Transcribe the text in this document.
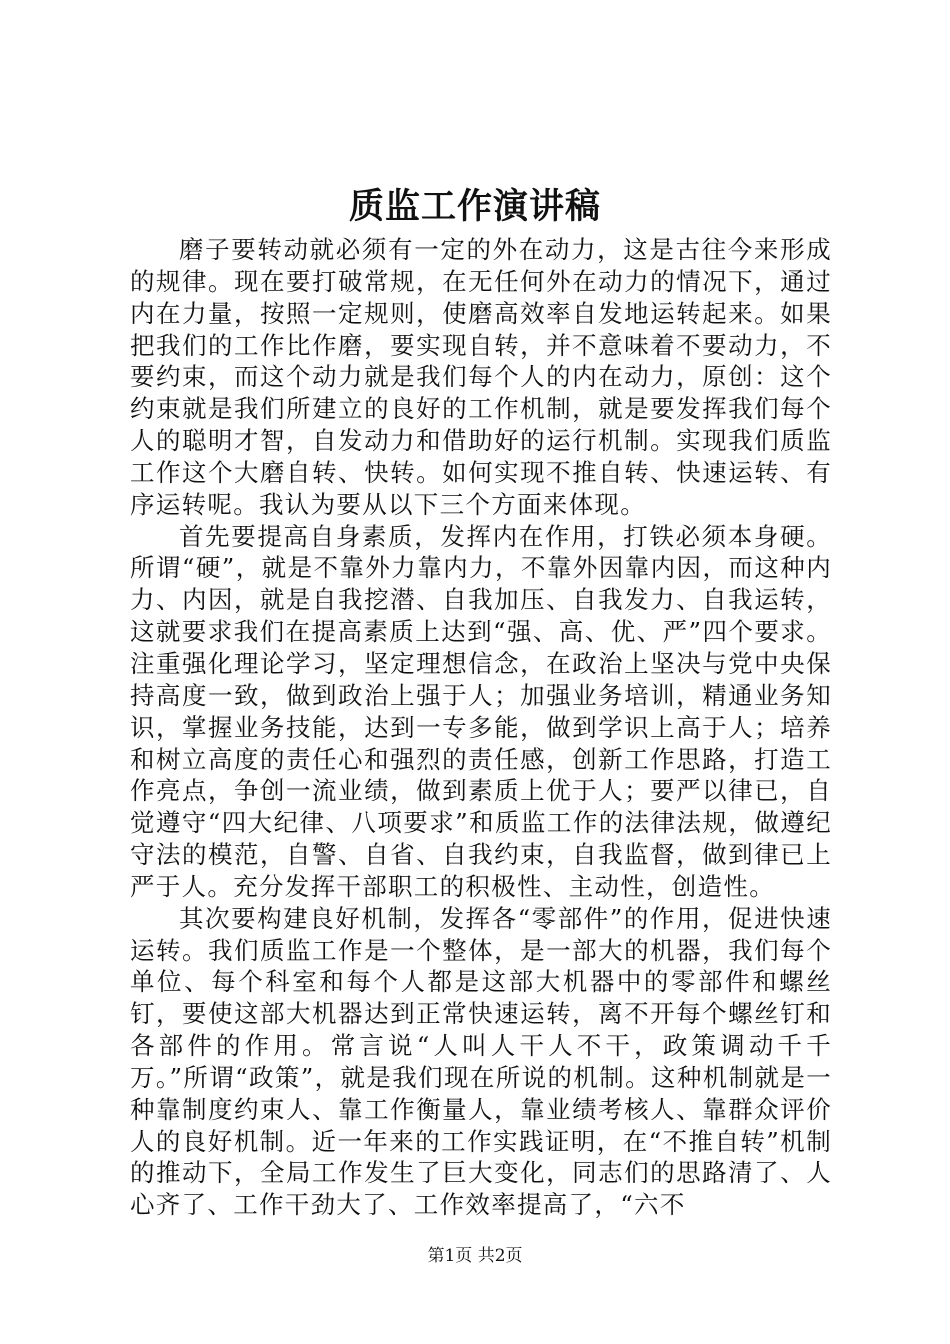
质监工作演讲稿

磨子要转动就必须有一定的外在动力，这是古往今来形成的规律。现在要打破常规，在无任何外在动力的情况下，通过内在力量，按照一定规则，使磨高效率自发地运转起来。如果把我们的工作比作磨，要实现自转，并不意味着不要动力，不要约束，而这个动力就是我们每个人的内在动力，原创：这个约束就是我们所建立的良好的工作机制，就是要发挥我们每个人的聪明才智，自发动力和借助好的运行机制。实现我们质监工作这个大磨自转、快转。如何实现不推自转、快速运转、有序运转呢。我认为要从以下三个方面来体现。

首先要提高自身素质，发挥内在作用，打铁必须本身硬。所谓“硬”，就是不靠外力靠内力，不靠外因靠内因，而这种内力、内因，就是自我挖潜、自我加压、自我发力、自我运转，这就要求我们在提高素质上达到“强、高、优、严”四个要求。注重强化理论学习，坚定理想信念，在政治上坚决与党中央保持高度一致，做到政治上强于人；加强业务培训，精通业务知识，掌握业务技能，达到一专多能，做到学识上高于人；培养和树立高度的责任心和强烈的责任感，创新工作思路，打造工作亮点，争创一流业绩，做到素质上优于人；要严以律已，自觉遵守“四大纪律、八项要求”和质监工作的法律法规，做遵纪守法的模范，自警、自省、自我约束，自我监督，做到律已上严于人。充分发挥干部职工的积极性、主动性，创造性。

其次要构建良好机制，发挥各“零部件”的作用，促进快速运转。我们质监工作是一个整体，是一部大的机器，我们每个单位、每个科室和每个人都是这部大机器中的零部件和螺丝钉，要使这部大机器达到正常快速运转，离不开每个螺丝钉和各部件的作用。常言说“人叫人干人不干，政策调动千千万。”所谓“政策”，就是我们现在所说的机制。这种机制就是一种靠制度约束人、靠工作衡量人，靠业绩考核人、靠群众评价人的良好机制。近一年来的工作实践证明，在“不推自转”机制的推动下，全局工作发生了巨大变化，同志们的思路清了、人心齐了、工作干劲大了、工作效率提高了，“六不

第1页 共2页
